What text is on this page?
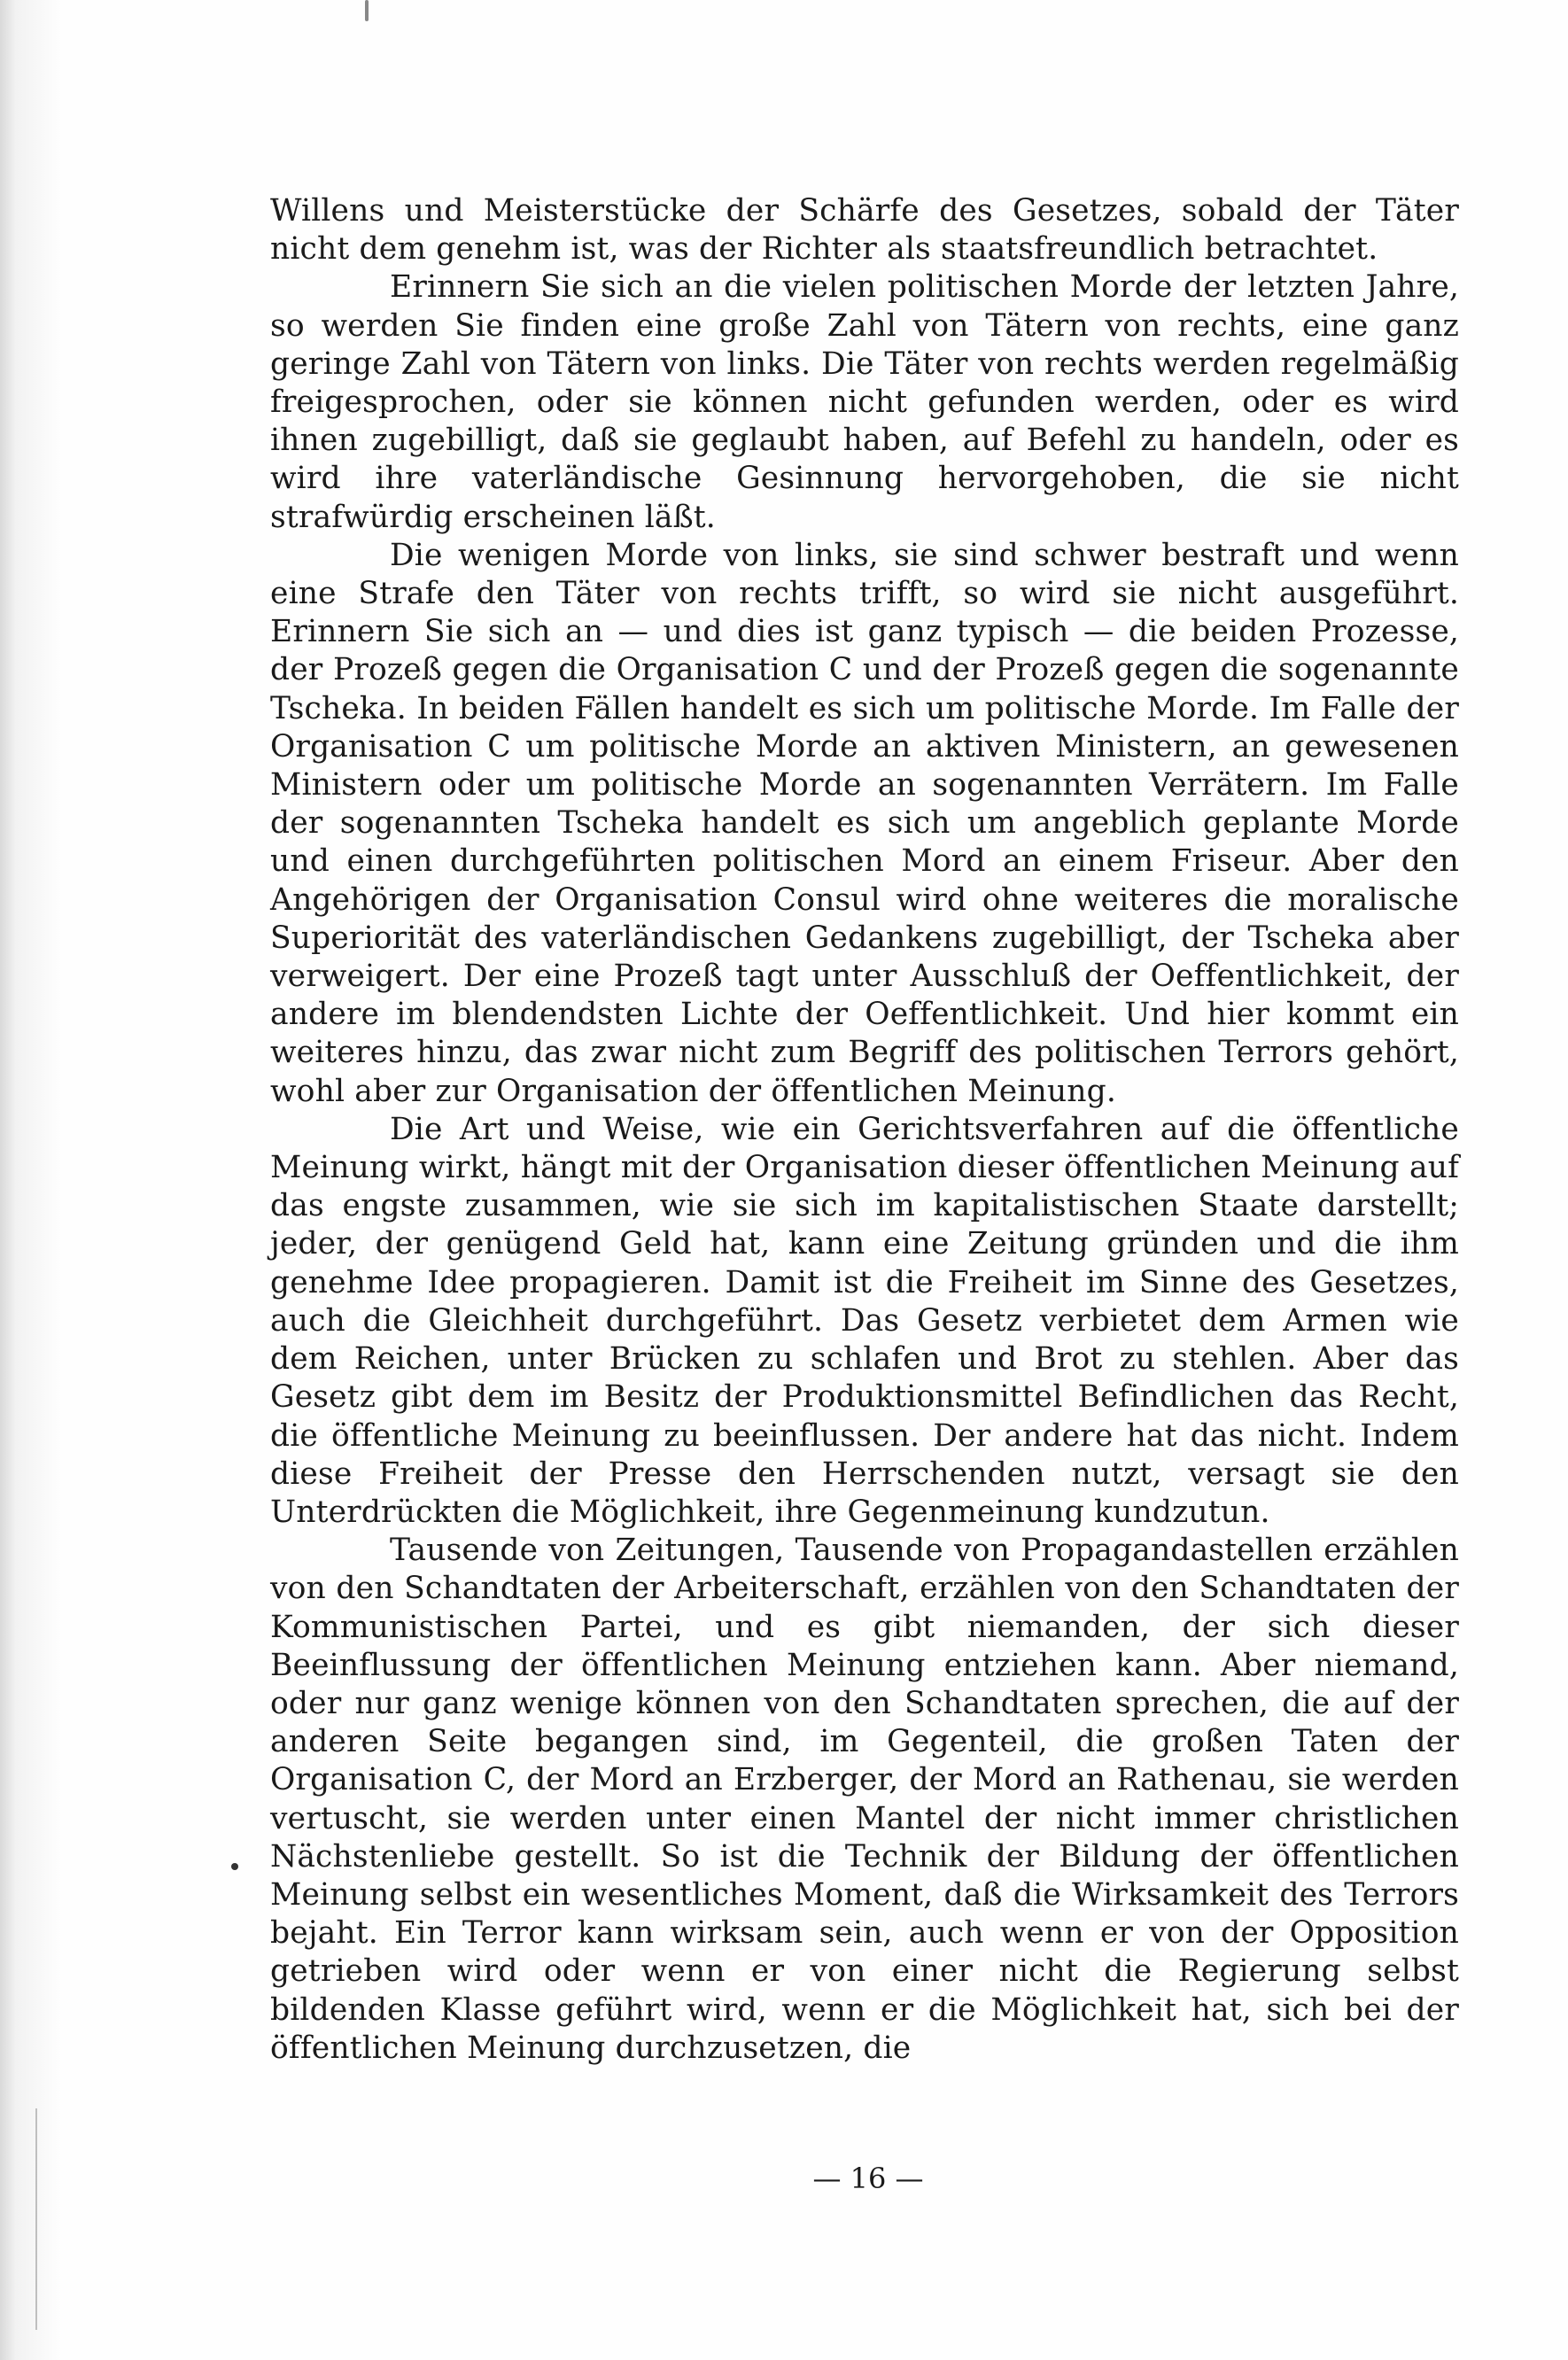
Willens und Meisterstücke der Schärfe des Gesetzes, sobald der Täter nicht dem genehm ist, was der Richter als staatsfreundlich betrachtet.

Erinnern Sie sich an die vielen politischen Morde der letzten Jahre, so werden Sie finden eine große Zahl von Tätern von rechts, eine ganz geringe Zahl von Tätern von links. Die Täter von rechts werden regelmäßig freigesprochen, oder sie können nicht gefunden werden, oder es wird ihnen zugebilligt, daß sie geglaubt haben, auf Befehl zu handeln, oder es wird ihre vaterländische Gesinnung hervorgehoben, die sie nicht strafwürdig erscheinen läßt.

Die wenigen Morde von links, sie sind schwer bestraft und wenn eine Strafe den Täter von rechts trifft, so wird sie nicht ausgeführt. Erinnern Sie sich an — und dies ist ganz typisch — die beiden Prozesse, der Prozeß gegen die Organisation C und der Prozeß gegen die sogenannte Tscheka. In beiden Fällen handelt es sich um politische Morde. Im Falle der Organisation C um politische Morde an aktiven Ministern, an gewesenen Ministern oder um politische Morde an sogenannten Verrätern. Im Falle der sogenannten Tscheka handelt es sich um angeblich geplante Morde und einen durchgeführten politischen Mord an einem Friseur. Aber den Angehörigen der Organisation Consul wird ohne weiteres die moralische Superiorität des vaterländischen Gedankens zugebilligt, der Tscheka aber verweigert. Der eine Prozeß tagt unter Ausschluß der Oeffentlichkeit, der andere im blendendsten Lichte der Oeffentlichkeit. Und hier kommt ein weiteres hinzu, das zwar nicht zum Begriff des politischen Terrors gehört, wohl aber zur Organisation der öffentlichen Meinung.

Die Art und Weise, wie ein Gerichtsverfahren auf die öffentliche Meinung wirkt, hängt mit der Organisation dieser öffentlichen Meinung auf das engste zusammen, wie sie sich im kapitalistischen Staate darstellt; jeder, der genügend Geld hat, kann eine Zeitung gründen und die ihm genehme Idee propagieren. Damit ist die Freiheit im Sinne des Gesetzes, auch die Gleichheit durchgeführt. Das Gesetz verbietet dem Armen wie dem Reichen, unter Brücken zu schlafen und Brot zu stehlen. Aber das Gesetz gibt dem im Besitz der Produktionsmittel Befindlichen das Recht, die öffentliche Meinung zu beeinflussen. Der andere hat das nicht. Indem diese Freiheit der Presse den Herrschenden nutzt, versagt sie den Unterdrückten die Möglichkeit, ihre Gegenmeinung kundzutun.

Tausende von Zeitungen, Tausende von Propagandastellen erzählen von den Schandtaten der Arbeiterschaft, erzählen von den Schandtaten der Kommunistischen Partei, und es gibt niemanden, der sich dieser Beeinflussung der öffentlichen Meinung entziehen kann. Aber niemand, oder nur ganz wenige können von den Schandtaten sprechen, die auf der anderen Seite begangen sind, im Gegenteil, die großen Taten der Organisation C, der Mord an Erzberger, der Mord an Rathenau, sie werden vertuscht, sie werden unter einen Mantel der nicht immer christlichen Nächstenliebe gestellt. So ist die Technik der Bildung der öffentlichen Meinung selbst ein wesentliches Moment, daß die Wirksamkeit des Terrors bejaht. Ein Terror kann wirksam sein, auch wenn er von der Opposition getrieben wird oder wenn er von einer nicht die Regierung selbst bildenden Klasse geführt wird, wenn er die Möglichkeit hat, sich bei der öffentlichen Meinung durchzusetzen, die

— 16 —
